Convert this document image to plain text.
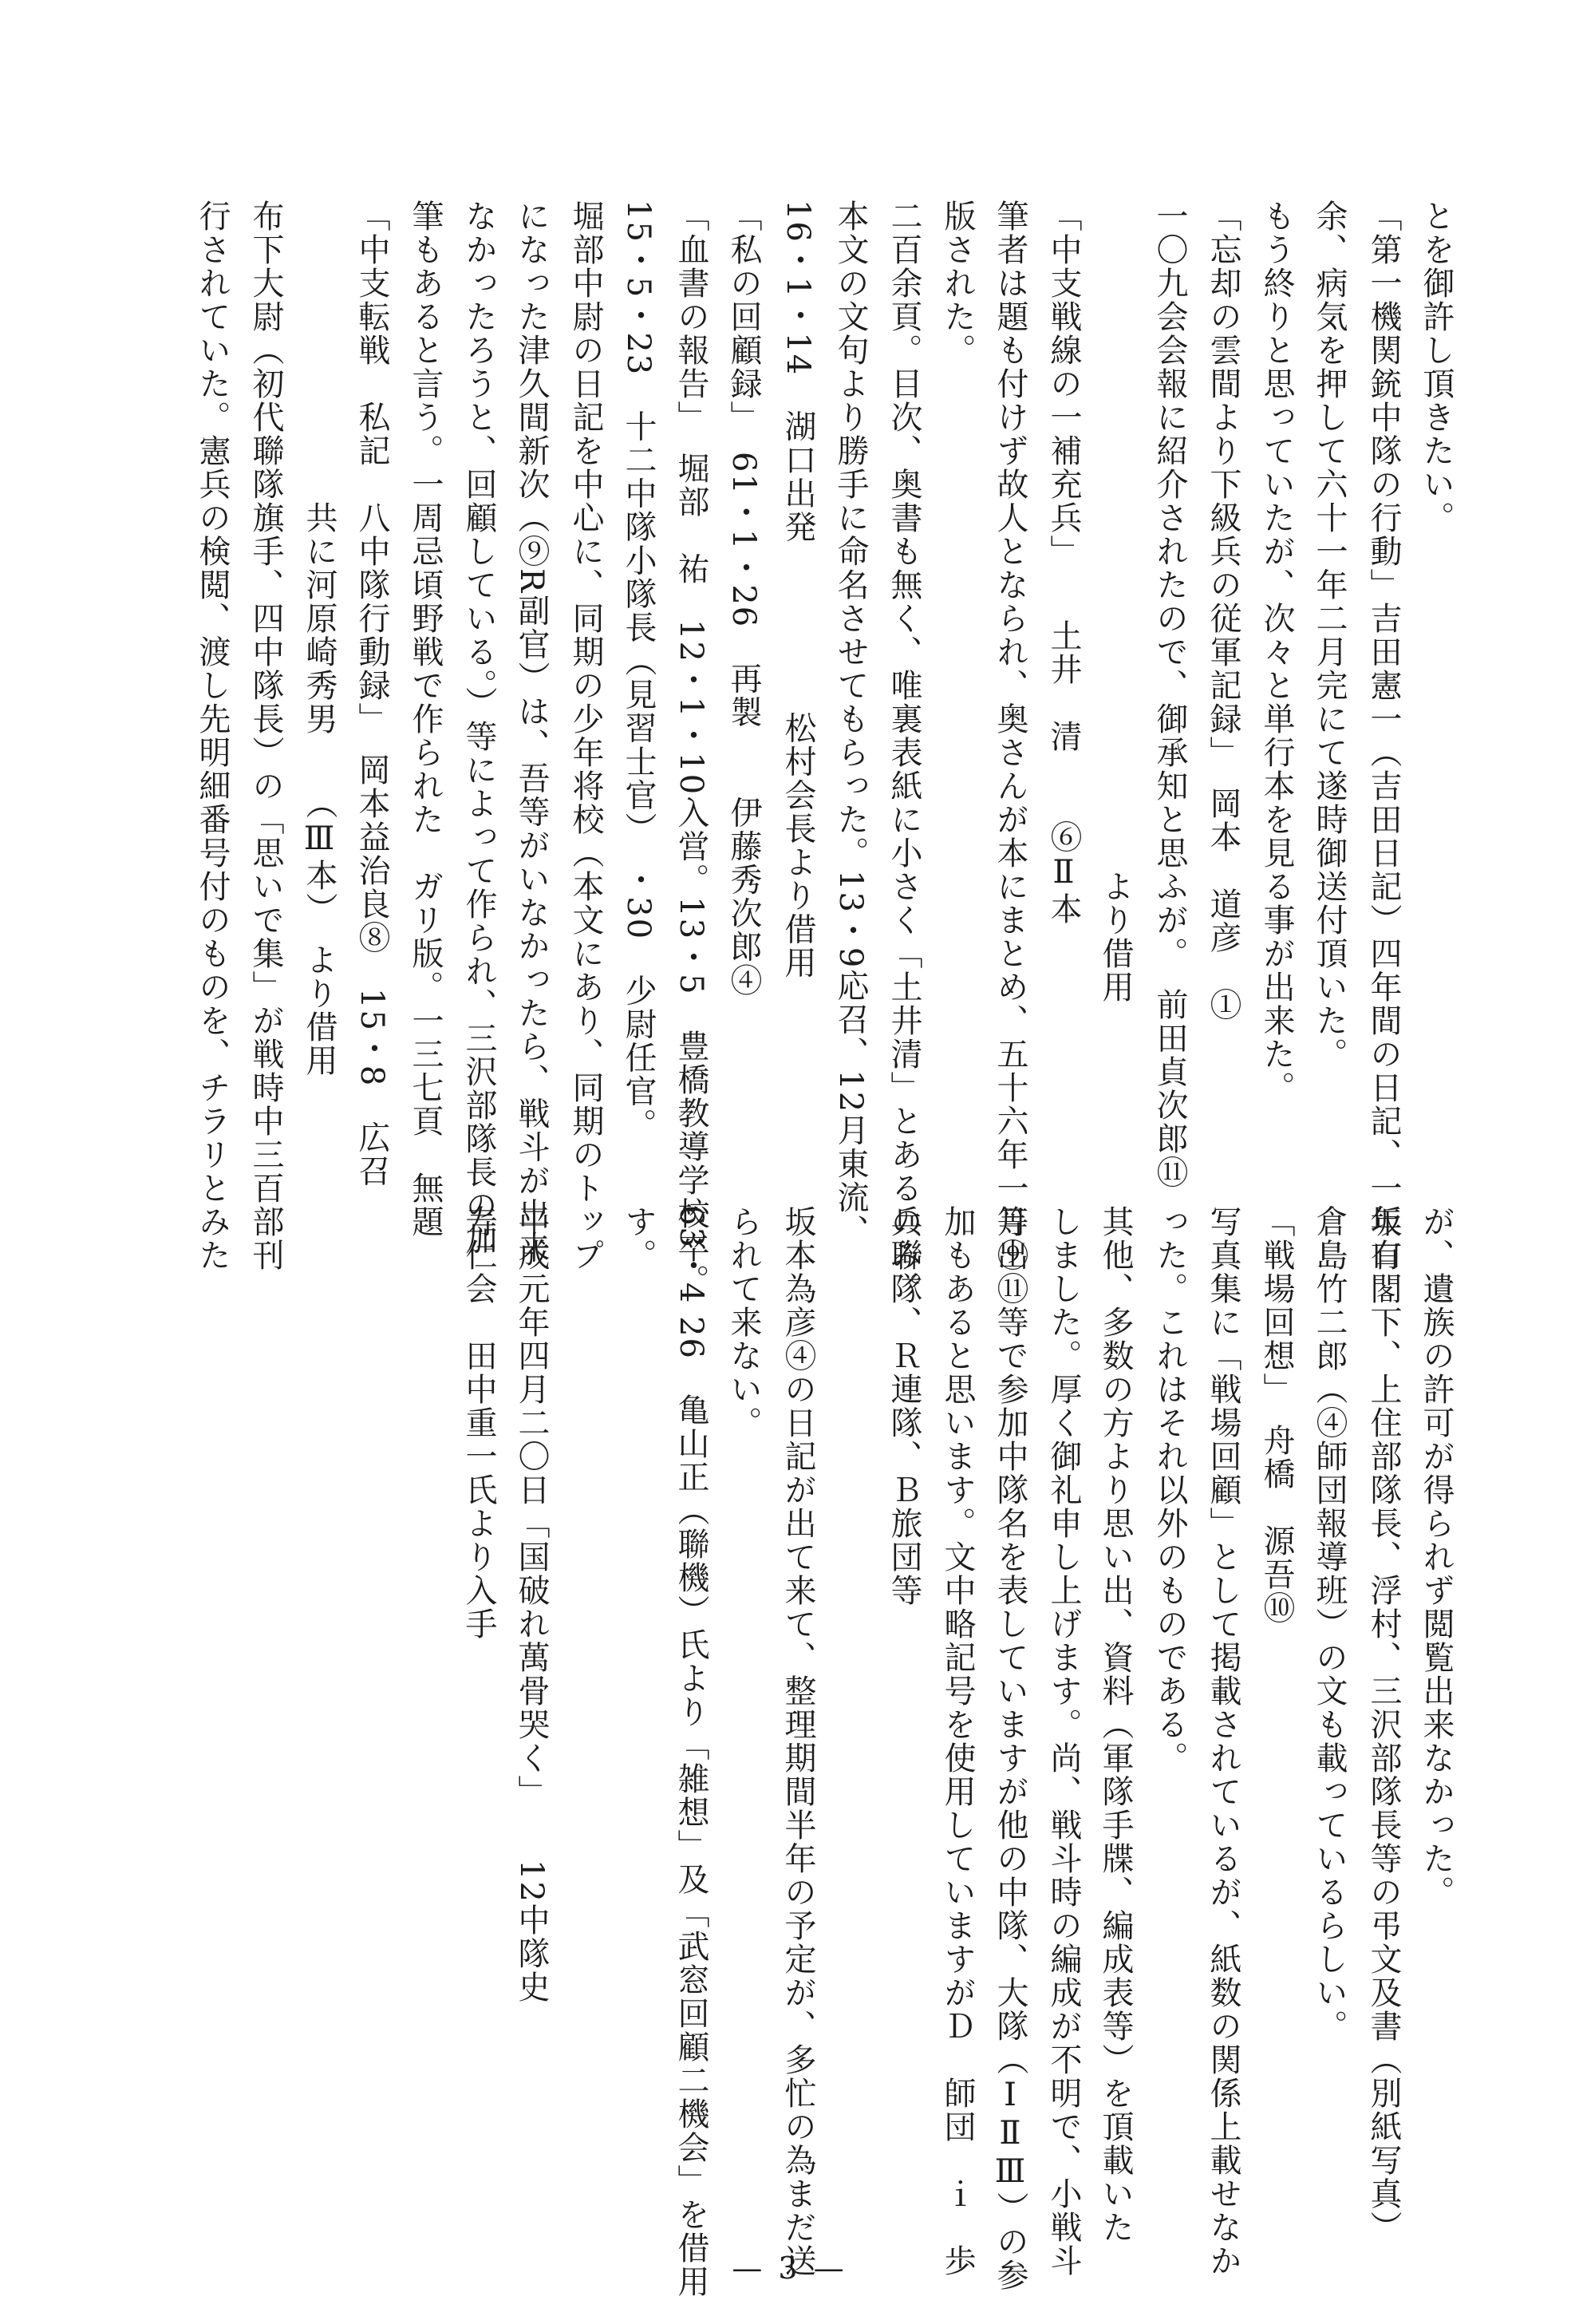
とを御許し頂きたい。
「第一機関銃中隊の行動」吉田憲一（吉田日記）四年間の日記、一年有
余、病気を押して六十一年二月完にて遂時御送付頂いた。
もう終りと思っていたが、次々と単行本を見る事が出来た。
「忘却の雲間より下級兵の従軍記録」　岡本　道彦　①
一〇九会会報に紹介されたので、御承知と思ふが。　前田貞次郎⑪
　　　　　　　　　　　　　　　　　　　　より借用
「中支戦線の一補充兵」　　土井　清　　⑥Ⅱ本
筆者は題も付けず故人となられ、奥さんが本にまとめ、五十六年一月出
版された。
二百余頁。目次、奥書も無く、唯裏表紙に小さく「土井清」とあるのみ。
本文の文句より勝手に命名させてもらった。13・9応召、12月東流、
16・1・14　湖口出発　　　　　松村会長より借用
「私の回顧録」　61・1・26　再製　　伊藤秀次郎④
「血書の報告」　堀部　祐　12・1・10入営。13・5　豊橋教導学校卒。
15・5・23　十二中隊小隊長（見習士官）　・30　少尉任官。
堀部中尉の日記を中心に、同期の少年将校（本文にあり、同期のトップ
になった津久間新次（⑨R副官）は、吾等がいなかったら、戦斗が出来
なかったろうと、回顧している。）等によって作られ、三沢部隊長の加
筆もあると言う。一周忌頃野戦で作られた　ガリ版。一三七頁　無題
「中支転戦　私記　八中隊行動録」　岡本益治良⑧　15・8　広召
　　　　　　　　　共に河原崎秀男　　（Ⅲ本）　より借用
布下大尉（初代聯隊旗手、四中隊長）の「思いで集」が戦時中三百部刊
行されていた。憲兵の検閲、渡し先明細番号付のものを、チラリとみた
が、遺族の許可が得られず閲覧出来なかった。
坂口閣下、上住部隊長、浮村、三沢部隊長等の弔文及書（別紙写真）
倉島竹二郎（④師団報導班）の文も載っているらしい。
「戦場回想」　舟橋　源吾⑩
写真集に「戦場回顧」として掲載されているが、紙数の関係上載せなか
った。これはそれ以外のものである。
其他、多数の方より思い出、資料（軍隊手牒、編成表等）を頂載いた
しました。厚く御礼申し上げます。尚、戦斗時の編成が不明で、小戦斗
等⑨⑪等で参加中隊名を表していますが他の中隊、大隊（ⅠⅡⅢ）の参
加もあると思います。文中略記号を使用していますがＤ　師団　ｉ　歩
兵聯隊、Ｒ連隊、Ｂ旅団等
坂本為彦④の日記が出て来て、整理期間半年の予定が、多忙の為まだ送
られて来ない。
63・4 26　亀山正（聯機）氏より「雑想」及「武窓回顧二機会」を借用
す。
平成元年四月二〇日「国破れ萬骨哭く」　　12中隊史
寿仁会　田中重一氏より入手
— 3 —
